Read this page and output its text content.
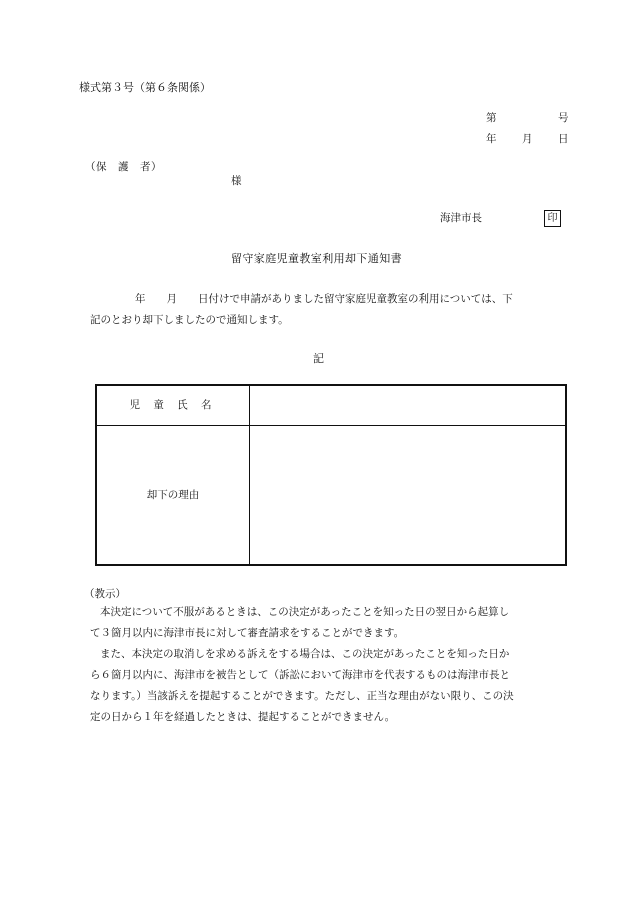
様式第３号（第６条関係）
第	号
年 月 日
（保　護　者）
様
海津市長	印
留守家庭児童教室利用却下通知書
年　　月　　日付けで申請がありました留守家庭児童教室の利用については、下
記のとおり却下しましたので通知します。
記
児 童 氏 名
却下の理由
（教示）
本決定について不服があるときは、この決定があったことを知った日の翌日から起算し
て３箇月以内に海津市長に対して審査請求をすることができます。
また、本決定の取消しを求める訴えをする場合は、この決定があったことを知った日か
ら６箇月以内に、海津市を被告として（訴訟において海津市を代表するものは海津市長と
なります。）当該訴えを提起することができます。ただし、正当な理由がない限り、この決
定の日から１年を経過したときは、提起することができません。
